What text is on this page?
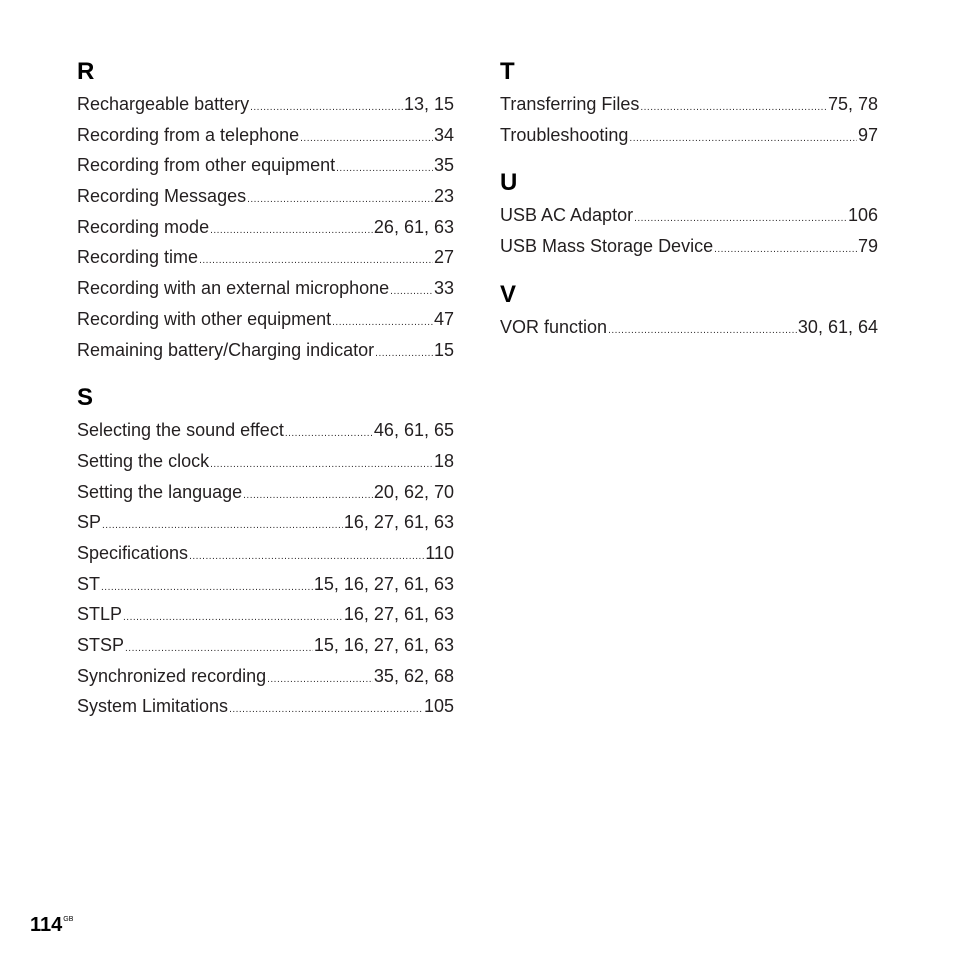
R
Rechargeable battery .....	13, 15
Recording from a telephone .....	34
Recording from other equipment .....	35
Recording Messages .....	23
Recording mode .....	26, 61, 63
Recording time .....	27
Recording with an external microphone ..... 33
Recording with other equipment .....	47
Remaining battery/Charging indicator .....	15
S
Selecting the sound effect .....	46, 61, 65
Setting the clock .....	18
Setting the language .....	20, 62, 70
SP .....	16, 27, 61, 63
Specifications .....	110
ST .....	15, 16, 27, 61, 63
STLP .....	16, 27, 61, 63
STSP .....	15, 16, 27, 61, 63
Synchronized recording .....	35, 62, 68
System Limitations .....	105
T
Transferring Files .....	75, 78
Troubleshooting .....	97
U
USB AC Adaptor .....	106
USB Mass Storage Device .....	79
V
VOR function .....	30, 61, 64
$114^{GB}$
